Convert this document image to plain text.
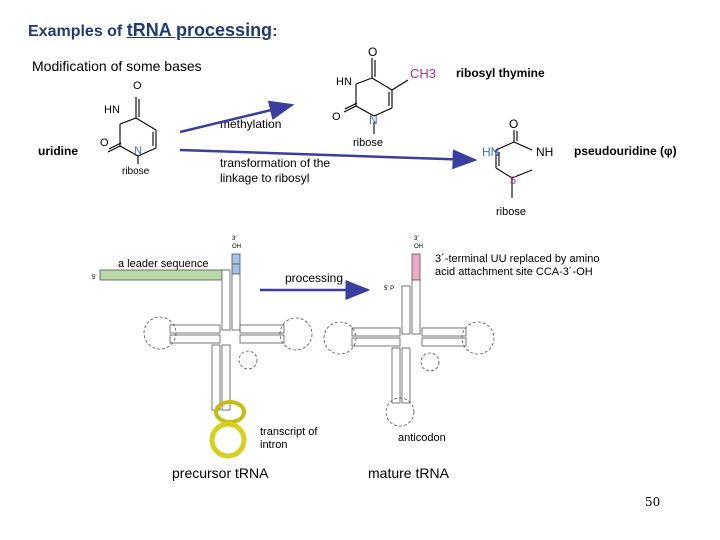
Examples of tRNA processing:
Modification of some bases
uridine
ribosyl thymine
pseudouridine (φ)
methylation
transformation of the linkage to ribosyl
processing
a leader sequence
transcript of intron
precursor tRNA	mature tRNA
3´-terminal UU replaced by amino acid attachment site CCA-3´-OH
anticodon
50
O
HN
O
N
ribose
O
CH3
HN
O N
ribose
O
HN	NH
5
ribose
5'
3'
OH
3'
OH
5' P
